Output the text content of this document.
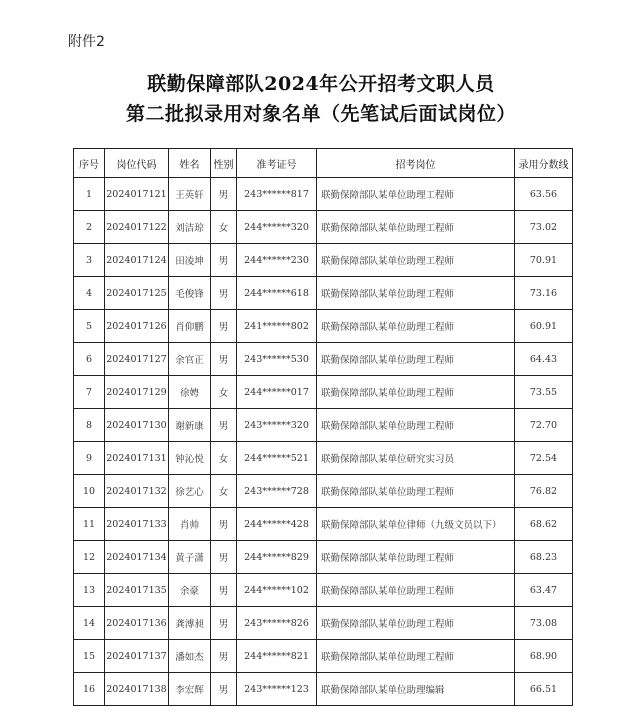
附件2
联勤保障部队2024年公开招考文职人员
第二批拟录用对象名单（先笔试后面试岗位）
序号	岗位代码	姓名	性别	准考证号	招考岗位	录用分数线
1	2024017121	王英轩	男	243******817	联勤保障部队某单位助理工程师	63.56
2	2024017122	刘洁琼	女	244******320	联勤保障部队某单位助理工程师	73.02
3	2024017124	田凌坤	男	244******230	联勤保障部队某单位助理工程师	70.91
4	2024017125	毛俊锋	男	244******618	联勤保障部队某单位助理工程师	73.16
5	2024017126	肖仰鹏	男	241******802	联勤保障部队某单位助理工程师	60.91
6	2024017127	余官正	男	243******530	联勤保障部队某单位助理工程师	64.43
7	2024017129	徐娉	女	244******017	联勤保障部队某单位助理工程师	73.55
8	2024017130	谢新康	男	243******320	联勤保障部队某单位助理工程师	72.70
9	2024017131	钟沁悦	女	244******521	联勤保障部队某单位研究实习员	72.54
10	2024017132	徐艺心	女	243******728	联勤保障部队某单位助理工程师	76.82
11	2024017133	肖帅	男	244******428	联勤保障部队某单位律师（九级文员以下）	68.62
12	2024017134	黄子潇	男	244******829	联勤保障部队某单位助理工程师	68.23
13	2024017135	余豪	男	244******102	联勤保障部队某单位助理工程师	63.47
14	2024017136	龚溥昶	男	243******826	联勤保障部队某单位助理工程师	73.08
15	2024017137	潘如杰	男	244******821	联勤保障部队某单位助理工程师	68.90
16	2024017138	李宏辉	男	243******123	联勤保障部队某单位助理编辑	66.51
